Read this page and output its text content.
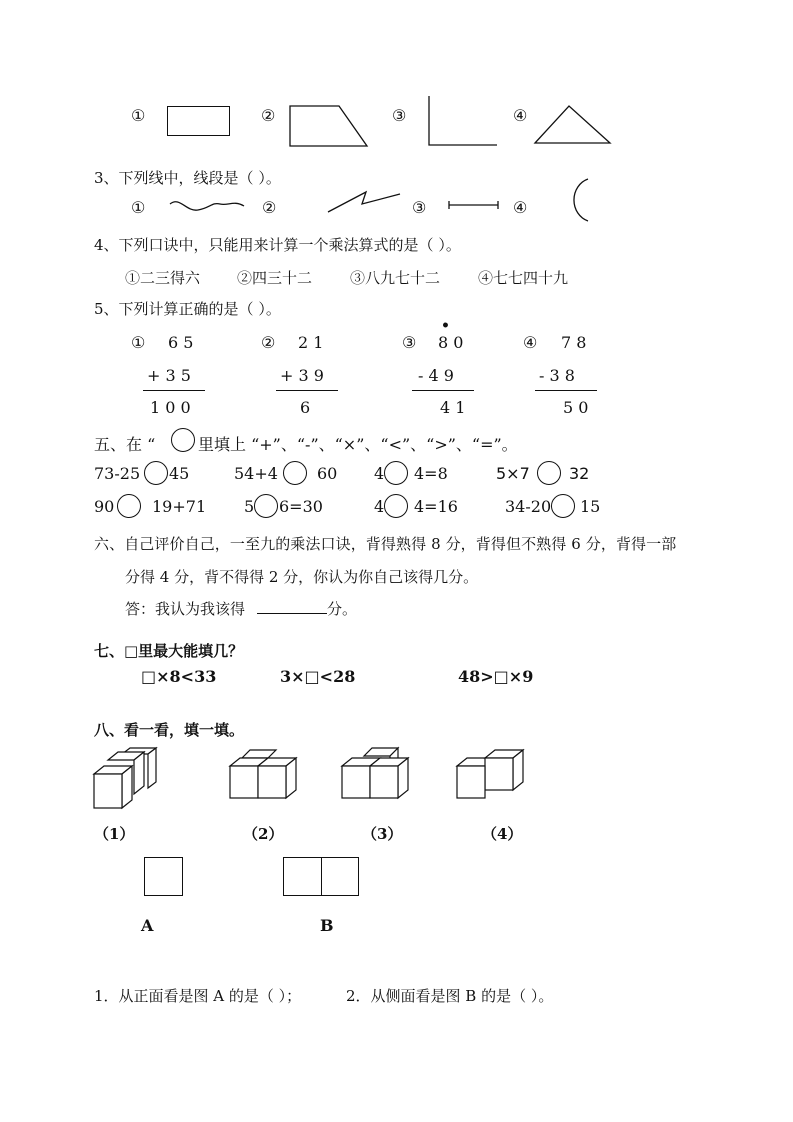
①	②	③	④
3、下列线中，线段是（ ）。
①	②	③	④
4、下列口诀中，只能用来计算一个乘法算式的是（ ）。
①二三得六 ②四三十二	③八九七十二	④七七四十九
5、下列计算正确的是（ ）。
① 6 5
+ 3 5
1 0 0
② 2 1
+ 3 9
6
③ 8 0
•
- 4 9
4 1
④ 7 8
- 3 8
5 0
五、在 “	里填上 “+”、“-”、“×”、“<”、“>”、“=”。
73-25 45	54+4 60 4 4=8	5×7 32
90 19+71 5 6=30	4 4=16	34-20 15
六、自己评价自己，一至九的乘法口诀，背得熟得 8 分，背得但不熟得 6 分，背得一部
分得 4 分，背不得得 2 分，你认为你自己该得几分。
答：我认为我该得	分。
七、□里最大能填几？
□×8<33	3×□<28	48>□×9
八、看一看，填一填。
（1）	（2）	（3）	（4）
A	B
1．从正面看是图 A 的是（ ）；	2．从侧面看是图 B 的是（ ）。
